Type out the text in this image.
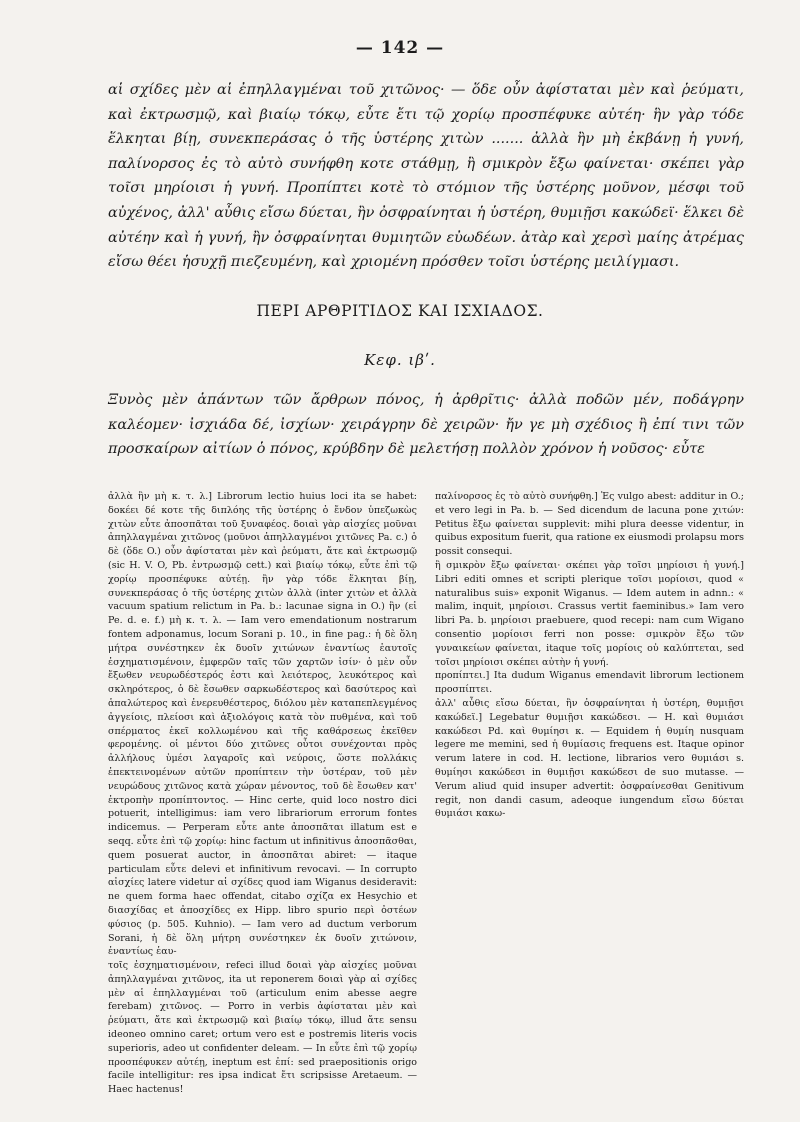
— 142 —

αἱ σχίδες μὲν αἱ ἐπηλλαγμέναι τοῦ χιτῶνος· — ὅδε οὖν ἀφίσταται μὲν καὶ ῥεύματι, καὶ ἐκτρωσμῷ, καὶ βιαίῳ τόκῳ, εὖτε ἔτι τῷ χορίῳ προσπέφυκε αὐτέη· ἣν γὰρ τόδε ἕλκηται βίῃ, συνεκπεράσας ὁ τῆς ὑστέρης χιτὼν ....... ἀλλὰ ἢν μὴ ἐκβάνῃ ἡ γυνή, παλίνορσος ἐς τὸ αὐτὸ συνήφθη κοτε στάθμῃ, ἢ σμικρὸν ἔξω φαίνεται· σκέπει γὰρ τοῖσι μηρίοισι ἡ γυνή. Προπίπτει κοτὲ τὸ στόμιον τῆς ὑστέρης μοῦνον, μέσφι τοῦ αὐχένος, ἀλλ' αὖθις εἴσω δύεται, ἢν ὀσφραίνηται ἡ ὑστέρη, θυμιῇσι κακώδεϊ· ἕλκει δὲ αὐτέην καὶ ἡ γυνή, ἢν ὀσφραίνηται θυμιητῶν εὐωδέων. ἀτὰρ καὶ χερσὶ μαίης ἀτρέμας εἴσω θέει ἡσυχῇ πιεζευμένη, καὶ χριομένη πρόσθεν τοῖσι ὑστέρης μειλίγμασι.

ΠΕΡΙ ΑΡΘΡΙΤΙΔΟΣ ΚΑΙ ΙΣΧΙΑΔΟΣ.
Κεφ. ιβʹ.

Ξυνὸς μὲν ἁπάντων τῶν ἄρθρων πόνος, ἡ ἀρθρῖτις· ἀλλὰ ποδῶν μέν, ποδάγρην καλέομεν· ἰσχιάδα δέ, ἰσχίων· χειράγρην δὲ χειρῶν· ἤν γε μὴ σχέδιος ἢ ἐπί τινι τῶν προσκαίρων αἰτίων ὁ πόνος, κρύβδην δὲ μελετήσῃ πολλὸν χρόνον ἡ νοῦσος· εὖτε

ἀλλὰ ἢν μὴ κ. τ. λ.] Librorum lectio huius loci ita se habet: δοκέει δέ κοτε τῆς διπλόης τῆς ὑστέρης ὁ ἔνδον ὑπεζωκὼς χιτὼν εὖτε ἀποσπᾶται τοῦ ξυναφέος. δοιαὶ γὰρ αἰσχίες μοῦναι ἀπηλλαγμέναι χιτῶνος (μοῦνοι ἀπηλλαγμένοι χιτῶνες Pa. c.) ὁ δὲ (ὅδε O.) οὖν ἀφίσταται μὲν καὶ ῥεύματι, ἄτε καὶ ἐκτρωσμῷ (sic H. V. O, Pb. ἐντρωσμῷ cett.) καὶ βιαίῳ τόκῳ, εὖτε ἐπὶ τῷ χορίῳ προσπέφυκε αὐτέῃ. ἢν γὰρ τόδε ἕλκηται βίῃ, συνεκπεράσας ὁ τῆς ὑστέρης χιτὼν ἀλλὰ (inter χιτὼν et ἀλλὰ vacuum spatium relictum in Pa. b.: lacunae signa in O.) ἢν (εἰ Pe. d. e. f.) μὴ κ. τ. λ. — Iam vero emendationum nostrarum fontem adponamus, locum Sorani p. 10., in fine pag.: ἡ δὲ ὅλη μήτρα συνέστηκεν ἐκ δυοῖν χιτώνων ἐναντίως ἑαυτοῖς ἐσχηματισμένοιν, ἐμφερῶν ταῖς τῶν χαρτῶν ἰσίν· ὁ μὲν οὖν ἔξωθεν νευρωδέστερός ἐστι καὶ λειότερος, λευκότερος καὶ σκληρότερος, ὁ δὲ ἔσωθεν σαρκωδέστερος καὶ δασύτερος καὶ ἁπαλώτερος καὶ ἐνερευθέστερος, διόλου μὲν καταπεπλεγμένος ἀγγείοις, πλείοσι καὶ ἀξιολόγοις κατὰ τὸν πυθμένα, καὶ τοῦ σπέρματος ἐκεῖ κολλωμένου καὶ τῆς καθάρσεως ἐκεῖθεν φερομένης. οἱ μέντοι δύο χιτῶνες οὗτοι συνέχονται πρὸς ἀλλήλους ὑμέσι λαγαροῖς καὶ νεύροις, ὥστε πολλάκις ἐπεκτεινομένων αὐτῶν προπίπτειν τὴν ὑστέραν, τοῦ μὲν νευρώδους χιτῶνος κατὰ χώραν μένοντος, τοῦ δὲ ἔσωθεν κατ' ἐκτροπὴν προπίπτοντος. — Hinc certe, quid loco nostro dici potuerit, intelligimus: iam vero librariorum errorum fontes indicemus. — Perperam εὖτε ante ἀποσπᾶται illatum est e seqq. εὖτε ἐπὶ τῷ χορίῳ: hinc factum ut infinitivus ἀποσπᾶσθαι, quem posuerat auctor, in ἀποσπᾶται abiret: — itaque particulam εὖτε delevi et infinitivum revocavi. — In corrupto αἰσχίες latere videtur αἱ σχίδες quod iam Wiganus desideravit: ne quem forma haec offendat, citabo σχίζα ex Hesychio et διασχίδας et ἀποσχίδες ex Hipp. libro spurio περὶ ὀστέων φύσιος (p. 505. Kuhnio). — Iam vero ad ductum verborum Sorani, ἡ δὲ ὅλη μήτρη συνέστηκεν ἐκ δυοῖν χιτώνοιν, ἐναντίως ἑαυ-

τοῖς ἐσχηματισμένοιν, refeci illud δοιαὶ γὰρ αἰσχίες μοῦναι ἀπηλλαγμέναι χιτῶνος, ita ut reponerem δοιαὶ γὰρ αἱ σχίδες μὲν αἱ ἐπηλλαγμέναι τοῦ (articulum enim abesse aegre ferebam) χιτῶνος. — Porro in verbis ἀφίσταται μὲν καὶ ῥεύματι, ἄτε καὶ ἐκτρωσμῷ καὶ βιαίῳ τόκῳ, illud ἄτε sensu ideoneo omnino caret; ortum vero est e postremis literis vocis superioris, adeo ut confidenter deleam. — In εὖτε ἐπὶ τῷ χορίῳ προσπέφυκεν αὐτέῃ, ineptum est ἐπί: sed praepositionis origo facile intelligitur: res ipsa indicat ἔτι scripsisse Aretaeum. — Haec hactenus!

παλίνορσος ἐς τὸ αὐτὸ συνήφθη.] Ἐς vulgo abest: additur in O.; et vero legi in Pa. b. — Sed dicendum de lacuna pone χιτών: Petitus ἔξω φαίνεται supplevit: mihi plura deesse videntur, in quibus expositum fuerit, qua ratione ex eiusmodi prolapsu mors possit consequi.

ἢ σμικρὸν ἔξω φαίνεται· σκέπει γὰρ τοῖσι μηρίοισι ἡ γυνή.] Libri editi omnes et scripti plerique τοῖσι μορίοισι, quod « naturalibus suis» exponit Wiganus. — Idem autem in adnn.: « malim, inquit, μηρίοισι. Crassus vertit faeminibus.» Iam vero libri Pa. b. μηρίοισι praebuere, quod recepi: nam cum Wigano consentio μορίοισι ferri non posse: σμικρὸν ἔξω τῶν γυναικείων φαίνεται, itaque τοῖς μορίοις οὐ καλύπτεται, sed τοῖσι μηρίοισι σκέπει αὐτὴν ἡ γυνή.

προπίπτει.] Ita dudum Wiganus emendavit librorum lectionem προσπίπτει.

ἀλλ' αὖθις εἴσω δύεται, ἢν ὀσφραίνηται ἡ ὑστέρη, θυμιῇσι κακώδεϊ.] Legebatur θυμιῇσι κακώδεσι. — H. καὶ θυμιάσι κακώδεσι Pd. καὶ θυμίησι κ. — Equidem ἡ θυμίη nusquam legere me memini, sed ἡ θυμίασις frequens est. Itaque opinor verum latere in cod. H. lectione, librarios vero θυμιάσι s. θυμίησι κακώδεσι in θυμιῇσι κακώδεσι de suo mutasse. — Verum aliud quid insuper advertit: ὀσφραίνεσθαι Genitivum regit, non dandi casum, adeoque iungendum εἴσω δύεται θυμιάσι κακω-
